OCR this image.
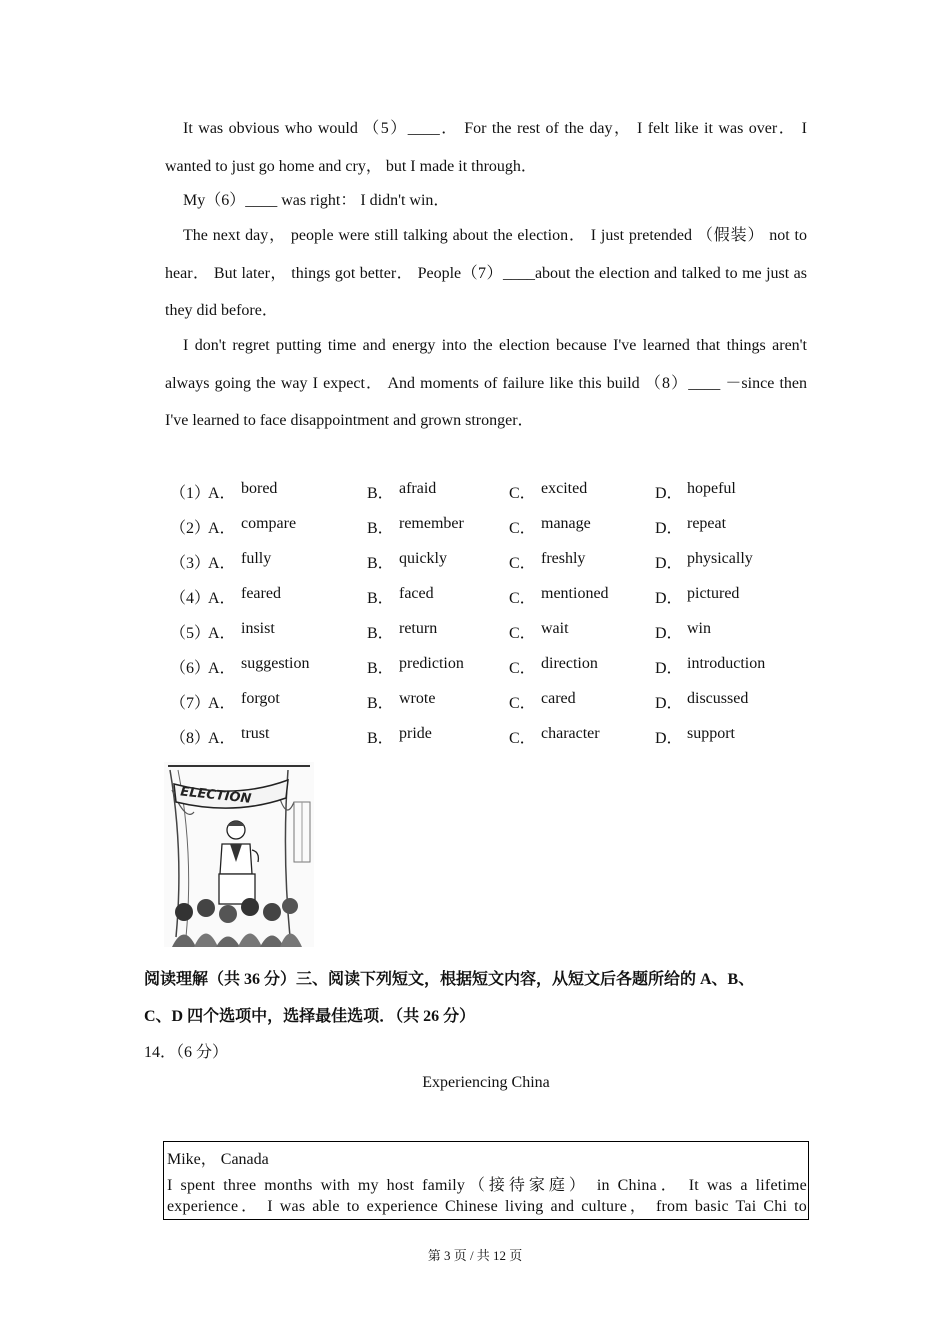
It was obvious who would （5）____． For the rest of the day， I felt like it was over． I wanted to just go home and cry， but I made it through．

My（6）____ was right： I didn't win．

The next day， people were still talking about the election． I just pretended （假装） not to hear． But later， things got better． People（7）____about the election and talked to me just as they did before．

I don't regret putting time and energy into the election because I've learned that things aren't always going the way I expect． And moments of failure like this build （8）____ －since then I've learned to face disappointment and grown stronger．

（1）
A． bored	B． afraid	C． excited	D． hopeful
（2）
A． compare	B． remember	C． manage	D． repeat
（3）
A． fully	B． quickly	C． freshly	D． physically
（4）
A． feared	B． faced	C． mentioned	D． pictured
（5）
A． insist	B． return	C． wait	D． win
（6）
A． suggestion	B． prediction	C． direction	D． introduction
（7）
A． forgot	B． wrote	C． cared	D． discussed
（8）
A． trust	B． pride	C． character	D． support
ELECTION
阅读理解（共 36 分）三、阅读下列短文，根据短文内容，从短文后各题所给的 A、B、
C、D 四个选项中，选择最佳选项．（共 26 分）
14．（6 分）
Experiencing China
Mike， Canada
I spent three months with my host family（接待家庭） in China． It was a lifetime experience． I was able to experience Chinese living and culture， from basic Tai Chi to
第 3 页 / 共 12 页
